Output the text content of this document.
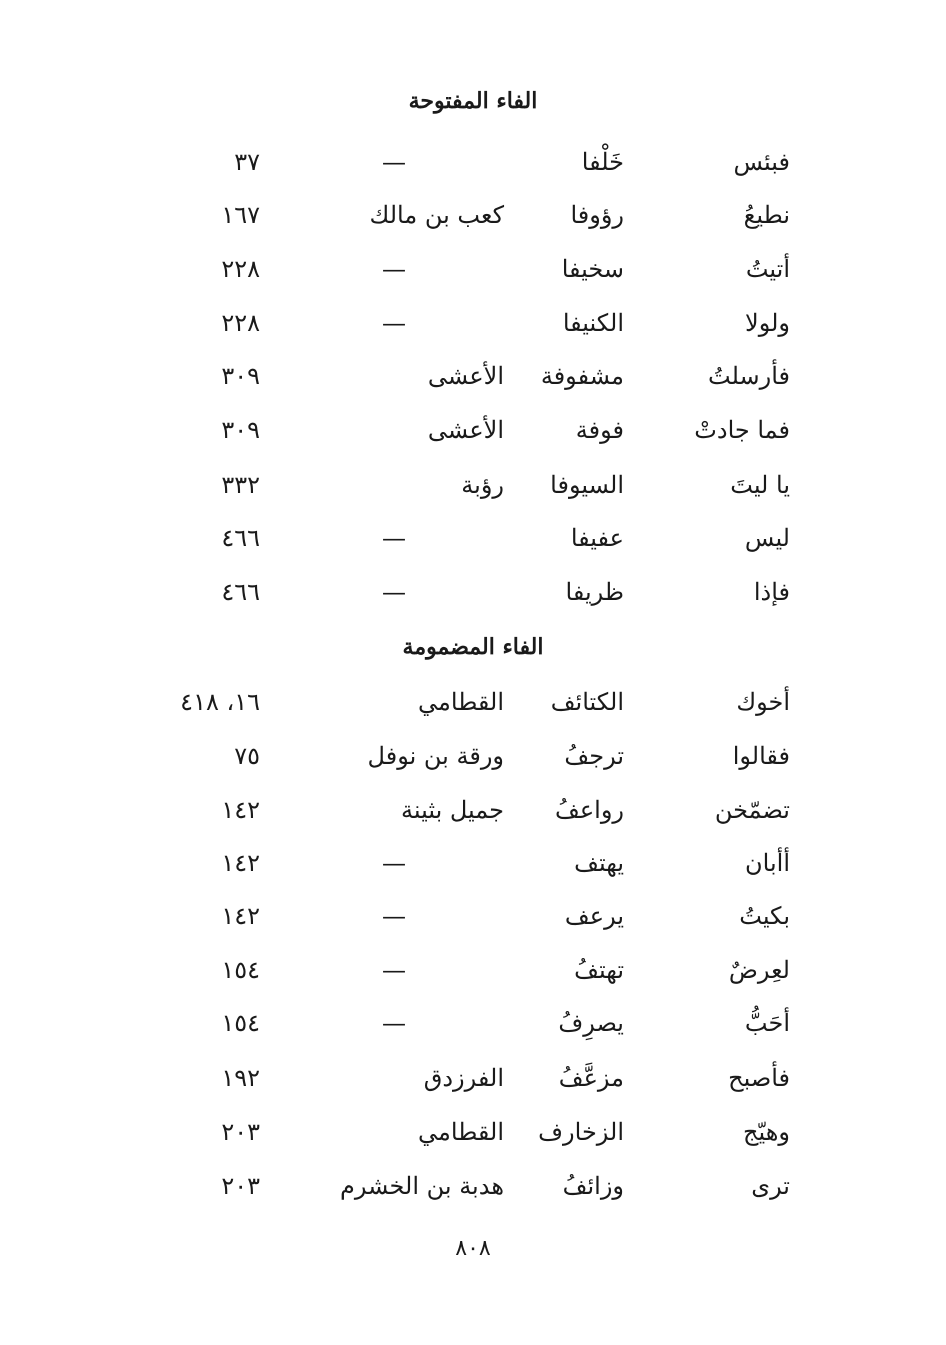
الفاء المفتوحة
فبئس
خَلْفا
—
٣٧
نطيعُ
رؤوفا
كعب بن مالك
١٦٧
أتيتُ
سخيفا
—
٢٢٨
ولولا
الكنيفا
—
٢٢٨
فأرسلتُ
مشفوفة
الأعشى
٣٠٩
فما جادتْ
فوفة
الأعشى
٣٠٩
يا ليتَ
السيوفا
رؤبة
٣٣٢
ليس
عفيفا
—
٤٦٦
فإذا
ظريفا
—
٤٦٦
الفاء المضمومة
أخوك
الكتائف
القطامي
١٦، ٤١٨
فقالوا
ترجفُ
ورقة بن نوفل
٧٥
تضمّخن
رواعفُ
جميل بثينة
١٤٢
أأبان
يهتف
—
١٤٢
بكيتُ
يرعف
—
١٤٢
لعِرضٌ
تهتفُ
—
١٥٤
أحَبُّ
يصرِفُ
—
١٥٤
فأصبح
مزعَّفُ
الفرزدق
١٩٢
وهيّج
الزخارف
القطامي
٢٠٣
ترى
وزائفُ
هدبة بن الخشرم
٢٠٣
٨٠٨
